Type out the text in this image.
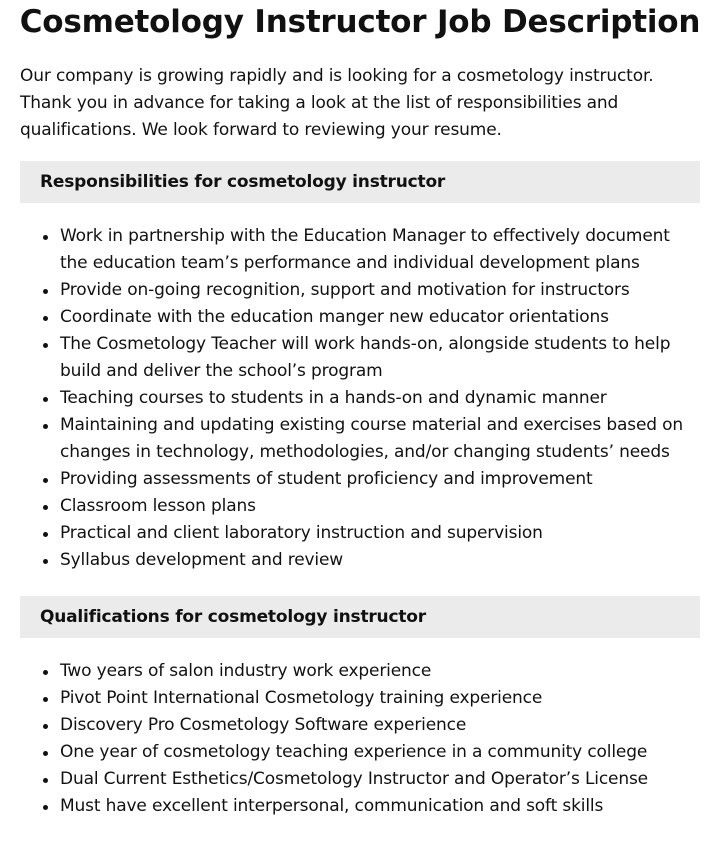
Cosmetology Instructor Job Description

Our company is growing rapidly and is looking for a cosmetology instructor. Thank you in advance for taking a look at the list of responsibilities and qualifications. We look forward to reviewing your resume.

Responsibilities for cosmetology instructor
Work in partnership with the Education Manager to effectively document the education team’s performance and individual development plans
Provide on-going recognition, support and motivation for instructors
Coordinate with the education manger new educator orientations
The Cosmetology Teacher will work hands-on, alongside students to help build and deliver the school’s program
Teaching courses to students in a hands-on and dynamic manner
Maintaining and updating existing course material and exercises based on changes in technology, methodologies, and/or changing students’ needs
Providing assessments of student proficiency and improvement
Classroom lesson plans
Practical and client laboratory instruction and supervision
Syllabus development and review
Qualifications for cosmetology instructor
Two years of salon industry work experience
Pivot Point International Cosmetology training experience
Discovery Pro Cosmetology Software experience
One year of cosmetology teaching experience in a community college
Dual Current Esthetics/Cosmetology Instructor and Operator’s License
Must have excellent interpersonal, communication and soft skills
